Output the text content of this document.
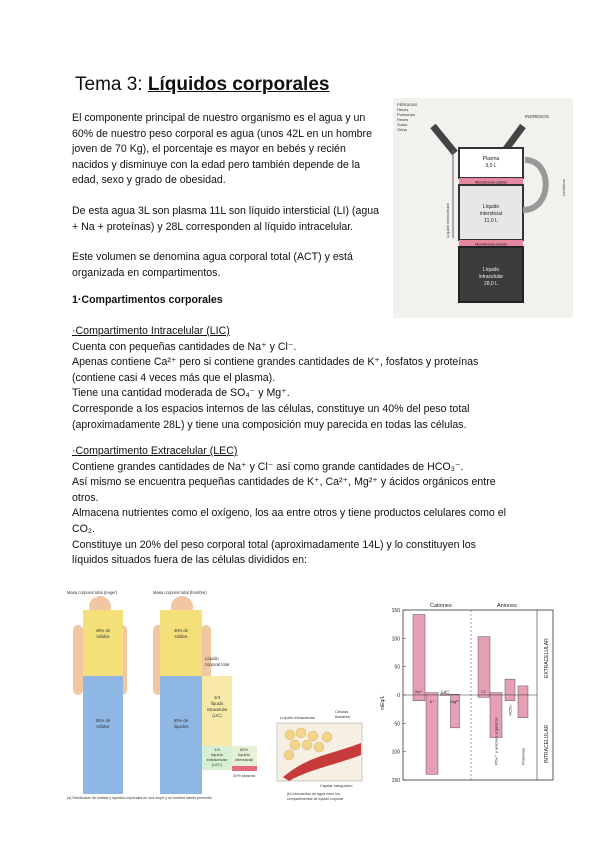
Tema 3: Líquidos corporales
El componente principal de nuestro organismo es el agua y un
60% de nuestro peso corporal es agua (unos 42L en un hombre
joven de 70 Kg), el porcentaje es mayor en bebés y recién
nacidos y disminuye con la edad pero también depende de la
edad, sexo y grado de obesidad.
De esta agua 3L son plasma 11L son líquido intersticial (LI) (agua
+ Na + proteínas) y 28L corresponden al líquido intracelular.
Este volumen se denomina agua corporal total (ACT) y está
organizada en compartimentos.
1·Compartimentos corporales
·Compartimento Intracelular (LIC)
Cuenta con pequeñas cantidades de Na⁺ y Cl⁻.
Apenas contiene Ca²⁺ pero si contiene grandes cantidades de K⁺, fosfatos y proteínas
(contiene casi 4 veces más que el plasma).
Tiene una cantidad moderada de SO₄⁻ y Mg⁺.
Corresponde a los espacios internos de las células, constituye un 40% del peso total
(aproximadamente 28L) y tiene una composición muy parecida en todas las células.
·Compartimento Extracelular (LEC)
Contiene grandes cantidades de Na⁺ y Cl⁻ así como grande cantidades de HCO₃⁻.
Así mismo se encuentra pequeñas cantidades de K⁺, Ca²⁺, Mg²⁺ y ácidos orgánicos entre
otros.
Almacena nutrientes como el oxígeno, los aa entre otros y tiene productos celulares como el
CO₂.
Constituye un 20% del peso corporal total (aproximadamente 14L) y lo constituyen los
líquidos situados fuera de las células divididos en:
PÉRDIDAS
Heces
Pulmones
Heces
Sudor
Orina
INGRESOS
Plasma
3,0 L
Membrana capilar
Líquido
intersticial
11,0 L
Membrana celular
Líquido
intracelular
28,0 L
Líquido extracelular
Linfáticos
Masa corporal total (mujer)	Masa corporal total (hombre)
45% de
sólidos
55% de
sólidos
40% de
sólidos
60% de
líquidos
Líquido
corporal total
2/3
líquido
intracelular
(LIC)
1/3
líquido
extracelular
(LEC)
80%
líquido
intersticial
20% plasma
Líquido extracelular
Células
tisulares
Capilar sanguíneo
(a) Distribución de sólidos y líquidos corporales en una mujer y un hombre adulto promedio
(b) Intercambio de agua entre los
compartimentos de líquido corporal
Cationes	Aniones
EXTRACELULAR
INTRACELULAR
mEq/L
150
100
50
0
50
100
150
Na⁺
K⁺
Ca²⁺
Mg²⁺
Cl⁻
PO₄³⁻ y aniones orgánicos
HCO₃⁻
Proteínas
